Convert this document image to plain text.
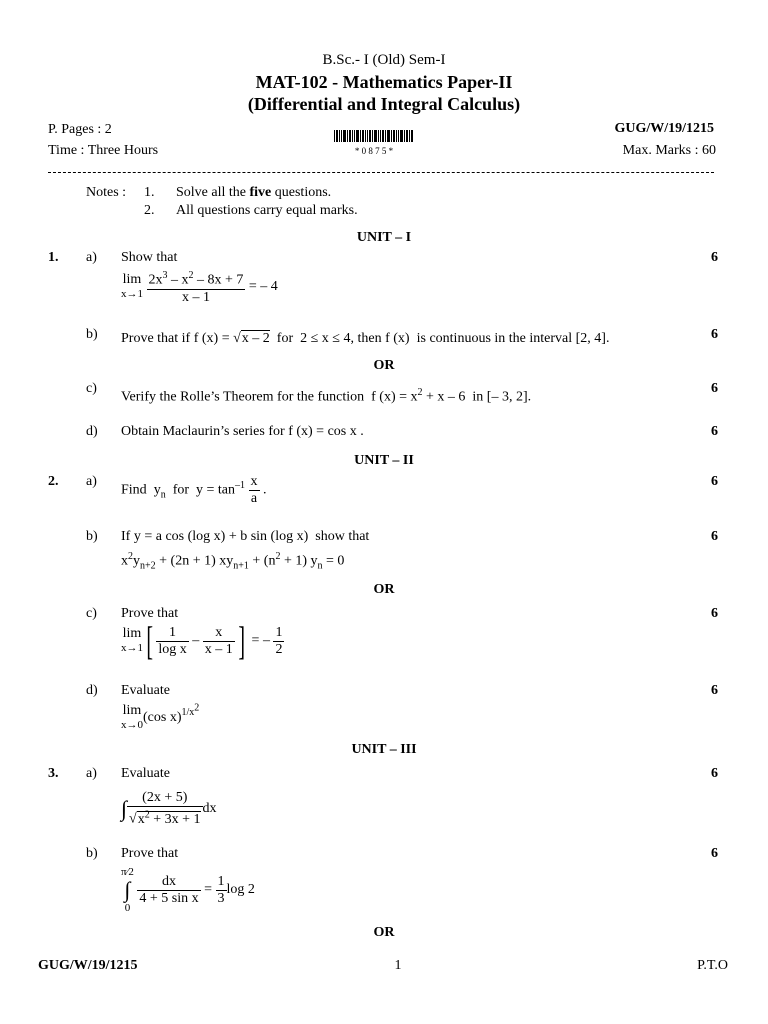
B.Sc.- I (Old) Sem-I
MAT-102 - Mathematics Paper-II
(Differential and Integral Calculus)
P. Pages : 2	GUG/W/19/1215
Time : Three Hours	Max. Marks : 60
* 0 8 7 5 *
Notes : 1. Solve all the five questions.
2. All questions carry equal marks.
UNIT – I
1. a) Show that	6
lim
x→1
$\frac{2x^3 - x^2 - 8x + 7}{x - 1}$ = – 4
b) Prove that if f (x) = √x – 2  for  2 ≤ x ≤ 4, then f (x)  is continuous in the interval [2, 4].	6
OR
c)
Verify the Rolle’s Theorem for the function  f $(x) = x^2 + x - 6$  in [– 3, 2].
6
d) Obtain Maclaurin’s series for f (x) = cos x .	6
UNIT – II
2. a)
Find  $y_n$  for  $y = \tan^{-1} \frac{x}{a}$ .
6
b) If y = a cos (log x) + b sin (log x)  show that
$x^2y_{n+2} + (2n + 1) xy_{n+1} + (n^2 + 1) y_n = 0$
6
OR
c) Prove that
lim
x→1 [ $\frac{1}{\text{log x}} - \frac{x}{x - 1}$ ] = – $\frac{1}{2}$
6
d) Evaluate
lim
x→0 (cos x)$^{1/x^2}$
6
UNIT – III
3. a) Evaluate
∫ $\frac{(2x + 5)}{√x^2 + 3x + 1}$ dx
6
b) Prove that
π⁄2
∫
0

$\frac{dx}{\text{4 + 5 sin x}} = \frac{1}{3}$ log 2
6
OR
GUG/W/19/1215	1	P.T.O
